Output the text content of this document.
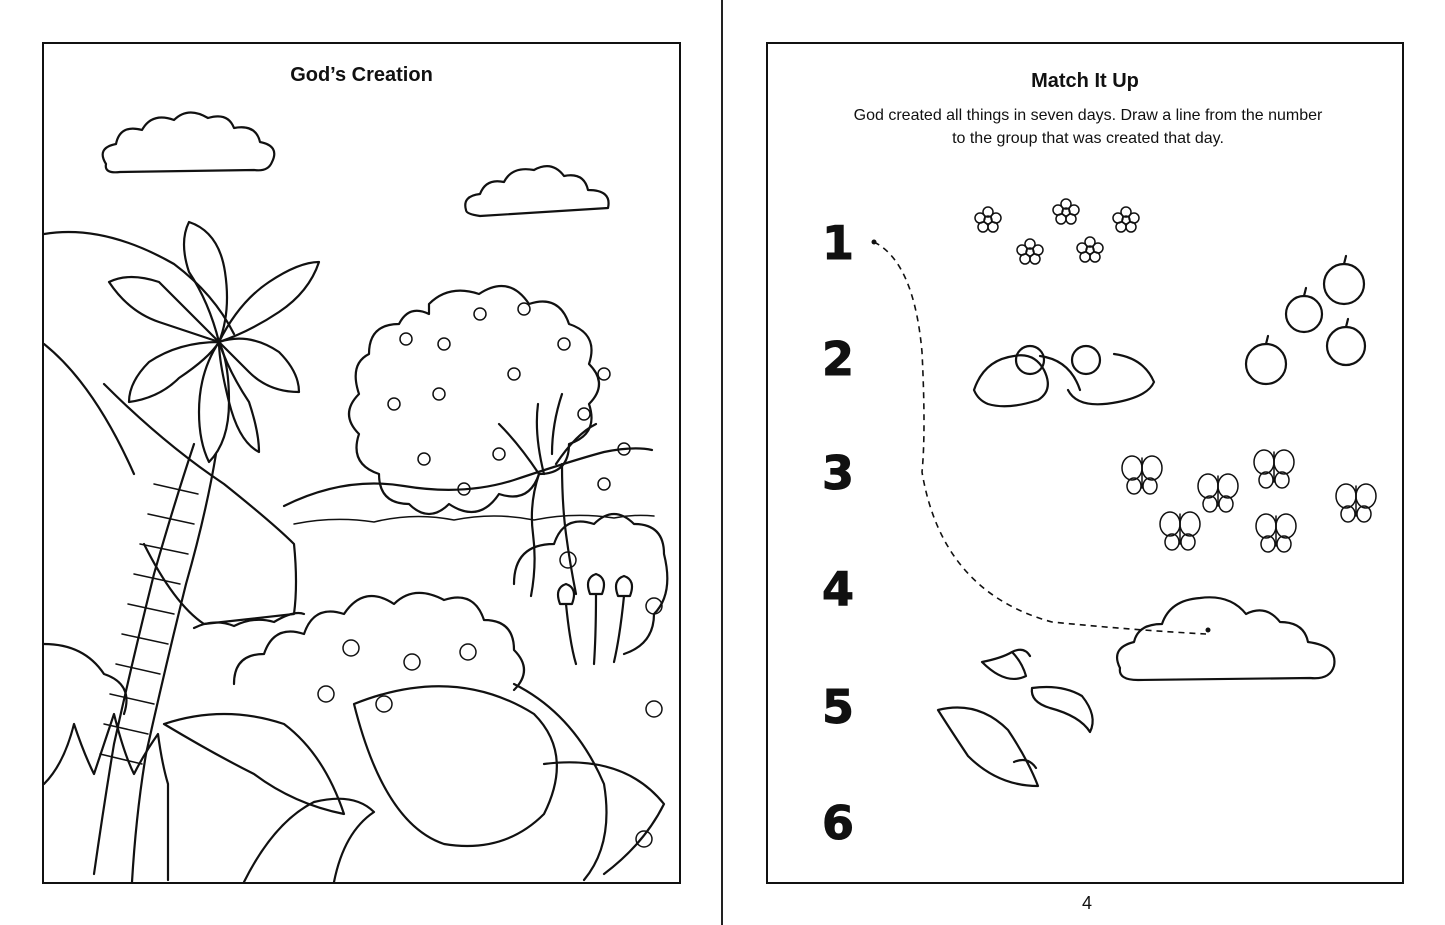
God’s Creation	Match It Up
God created all things in seven days. Draw a line from the number
to the group that was created that day.
1
2
3
4
5
6
4
